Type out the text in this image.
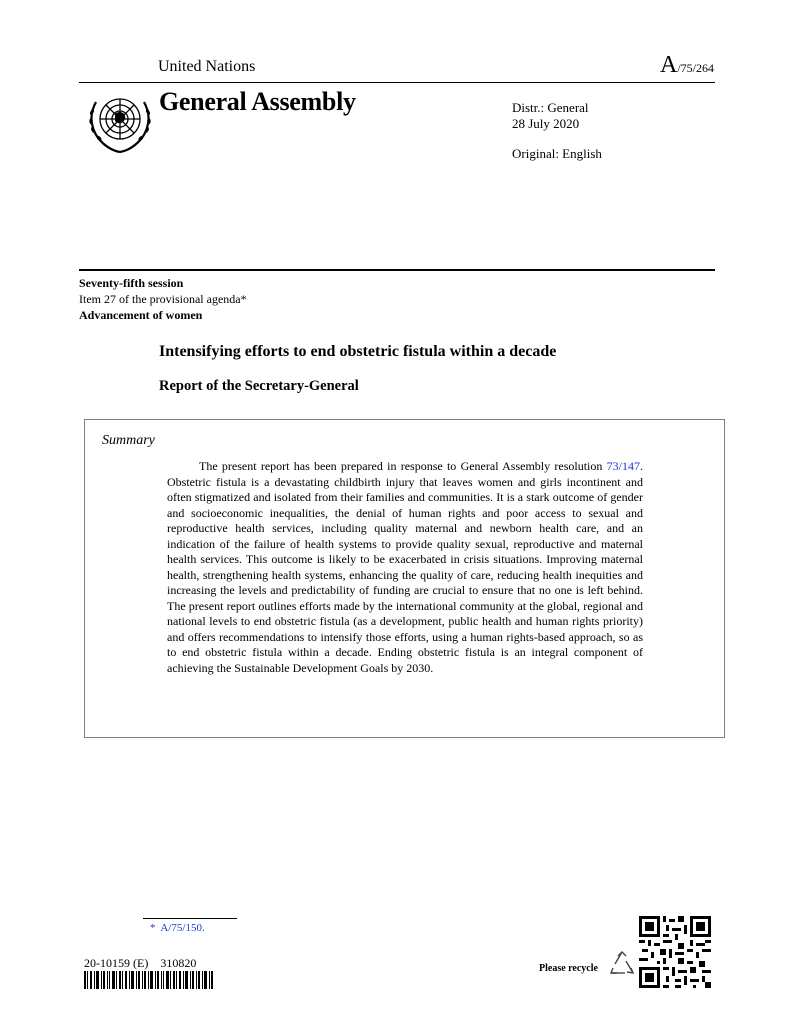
United Nations	A/75/264
General Assembly	Distr.: General
28 July 2020
Original: English
Seventy-fifth session
Item 27 of the provisional agenda*
Advancement of women
Intensifying efforts to end obstetric fistula within a decade
Report of the Secretary-General
Summary
The present report has been prepared in response to General Assembly resolution 73/147. Obstetric fistula is a devastating childbirth injury that leaves women and girls incontinent and often stigmatized and isolated from their families and communities. It is a stark outcome of gender and socioeconomic inequalities, the denial of human rights and poor access to sexual and reproductive health services, including quality maternal and newborn health care, and an indication of the failure of health systems to provide quality sexual, reproductive and maternal health services. This outcome is likely to be exacerbated in crisis situations. Improving maternal health, strengthening health systems, enhancing the quality of care, reducing health inequities and increasing the levels and predictability of funding are crucial to ensure that no one is left behind. The present report outlines efforts made by the international community at the global, regional and national levels to end obstetric fistula (as a development, public health and human rights priority) and offers recommendations to intensify those efforts, using a human rights-based approach, so as to end obstetric fistula within a decade. Ending obstetric fistula is an integral component of achieving the Sustainable Development Goals by 2030.
* A/75/150.
20-10159 (E)    310820	Please recycle
